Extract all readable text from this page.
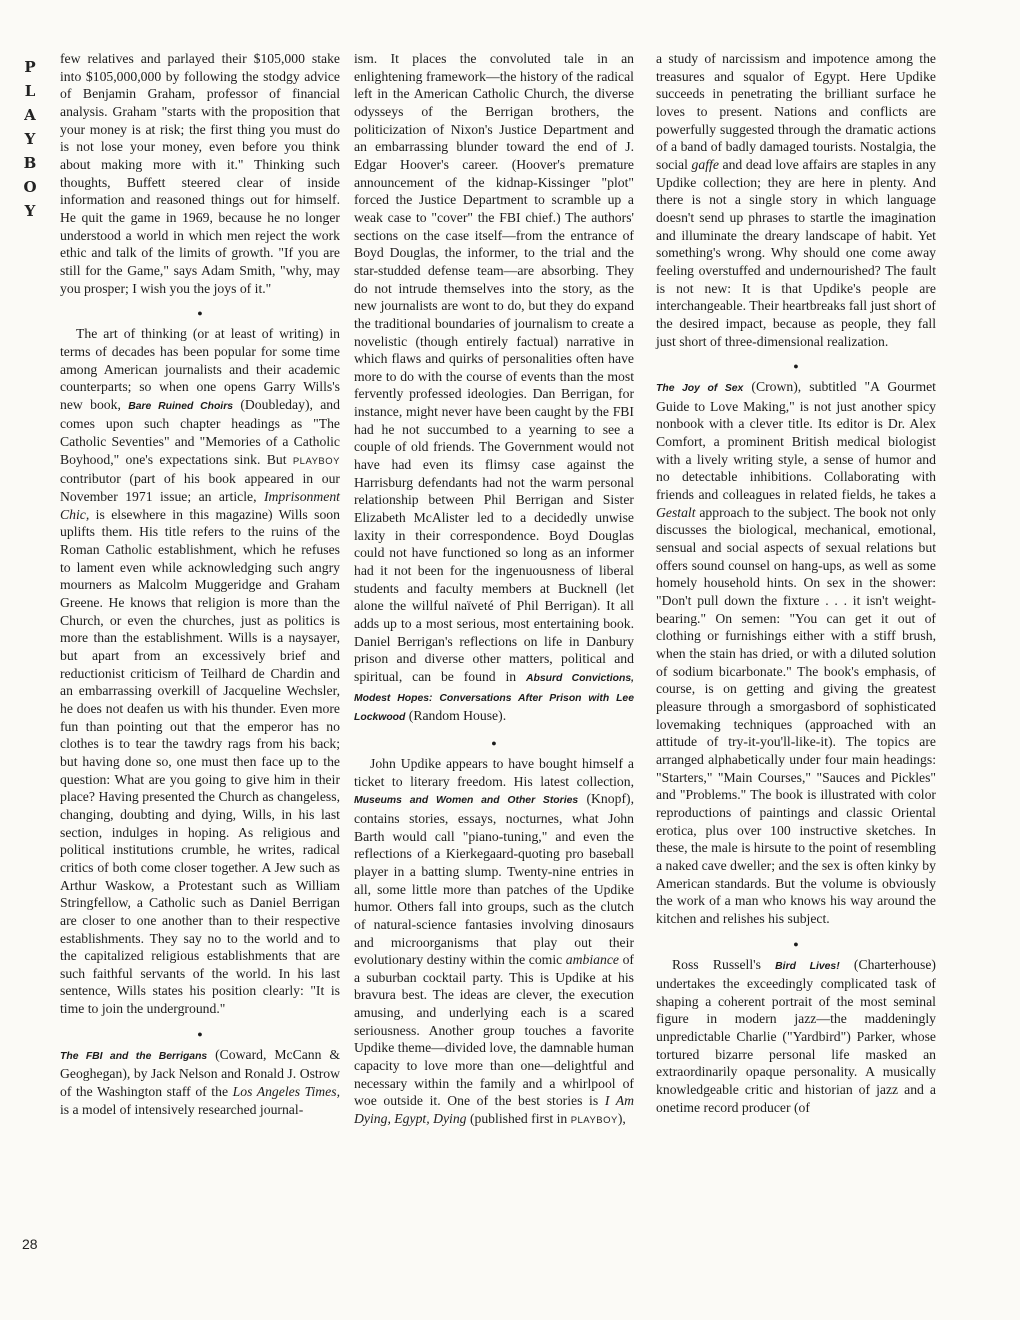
P
L
A
Y
B
O
Y
28

few relatives and parlayed their $105,000 stake into $105,000,000 by following the stodgy advice of Benjamin Graham, professor of financial analysis. Graham "starts with the proposition that your money is at risk; the first thing you must do is not lose your money, even before you think about making more with it." Thinking such thoughts, Buffett steered clear of inside information and reasoned things out for himself. He quit the game in 1969, because he no longer understood a world in which men reject the work ethic and talk of the limits of growth. "If you are still for the Game," says Adam Smith, "why, may you prosper; I wish you the joys of it."

●

The art of thinking (or at least of writing) in terms of decades has been popular for some time among American journalists and their academic counterparts; so when one opens Garry Wills's new book, Bare Ruined Choirs (Doubleday), and comes upon such chapter headings as "The Catholic Seventies" and "Memories of a Catholic Boyhood," one's expectations sink. But PLAYBOY contributor (part of his book appeared in our November 1971 issue; an article, Imprisonment Chic, is elsewhere in this magazine) Wills soon uplifts them. His title refers to the ruins of the Roman Catholic establishment, which he refuses to lament even while acknowledging such angry mourners as Malcolm Muggeridge and Graham Greene. He knows that religion is more than the Church, or even the churches, just as politics is more than the establishment. Wills is a naysayer, but apart from an excessively brief and reductionist criticism of Teilhard de Chardin and an embarrassing overkill of Jacqueline Wechsler, he does not deafen us with his thunder. Even more fun than pointing out that the emperor has no clothes is to tear the tawdry rags from his back; but having done so, one must then face up to the question: What are you going to give him in their place? Having presented the Church as changeless, changing, doubting and dying, Wills, in his last section, indulges in hoping. As religious and political institutions crumble, he writes, radical critics of both come closer together. A Jew such as Arthur Waskow, a Protestant such as William Stringfellow, a Catholic such as Daniel Berrigan are closer to one another than to their respective establishments. They say no to the world and to the capitalized religious establishments that are such faithful servants of the world. In his last sentence, Wills states his position clearly: "It is time to join the underground."

●

The FBI and the Berrigans (Coward, McCann & Geoghegan), by Jack Nelson and Ronald J. Ostrow of the Washington staff of the Los Angeles Times, is a model of intensively researched journal-

ism. It places the convoluted tale in an enlightening framework—the history of the radical left in the American Catholic Church, the diverse odysseys of the Berrigan brothers, the politicization of Nixon's Justice Department and an embarrassing blunder toward the end of J. Edgar Hoover's career. (Hoover's premature announcement of the kidnap-Kissinger "plot" forced the Justice Department to scramble up a weak case to "cover" the FBI chief.) The authors' sections on the case itself—from the entrance of Boyd Douglas, the informer, to the trial and the star-studded defense team—are absorbing. They do not intrude themselves into the story, as the new journalists are wont to do, but they do expand the traditional boundaries of journalism to create a novelistic (though entirely factual) narrative in which flaws and quirks of personalities often have more to do with the course of events than the most fervently professed ideologies. Dan Berrigan, for instance, might never have been caught by the FBI had he not succumbed to a yearning to see a couple of old friends. The Government would not have had even its flimsy case against the Harrisburg defendants had not the warm personal relationship between Phil Berrigan and Sister Elizabeth McAlister led to a decidedly unwise laxity in their correspondence. Boyd Douglas could not have functioned so long as an informer had it not been for the ingenuousness of liberal students and faculty members at Bucknell (let alone the willful naïveté of Phil Berrigan). It all adds up to a most serious, most entertaining book. Daniel Berrigan's reflections on life in Danbury prison and diverse other matters, political and spiritual, can be found in Absurd Convictions, Modest Hopes: Conversations After Prison with Lee Lockwood (Random House).

●

John Updike appears to have bought himself a ticket to literary freedom. His latest collection, Museums and Women and Other Stories (Knopf), contains stories, essays, nocturnes, what John Barth would call "piano-tuning," and even the reflections of a Kierkegaard-quoting pro baseball player in a batting slump. Twenty-nine entries in all, some little more than patches of the Updike humor. Others fall into groups, such as the clutch of natural-science fantasies involving dinosaurs and microorganisms that play out their evolutionary destiny within the comic ambiance of a suburban cocktail party. This is Updike at his bravura best. The ideas are clever, the execution amusing, and underlying each is a scared seriousness. Another group touches a favorite Updike theme—divided love, the damnable human capacity to love more than one—delightful and necessary within the family and a whirlpool of woe outside it. One of the best stories is I Am Dying, Egypt, Dying (published first in PLAYBOY),

a study of narcissism and impotence among the treasures and squalor of Egypt. Here Updike succeeds in penetrating the brilliant surface he loves to present. Nations and conflicts are powerfully suggested through the dramatic actions of a band of badly damaged tourists. Nostalgia, the social gaffe and dead love affairs are staples in any Updike collection; they are here in plenty. And there is not a single story in which language doesn't send up phrases to startle the imagination and illuminate the dreary landscape of habit. Yet something's wrong. Why should one come away feeling overstuffed and undernourished? The fault is not new: It is that Updike's people are interchangeable. Their heartbreaks fall just short of the desired impact, because as people, they fall just short of three-dimensional realization.

●

The Joy of Sex (Crown), subtitled "A Gourmet Guide to Love Making," is not just another spicy nonbook with a clever title. Its editor is Dr. Alex Comfort, a prominent British medical biologist with a lively writing style, a sense of humor and no detectable inhibitions. Collaborating with friends and colleagues in related fields, he takes a Gestalt approach to the subject. The book not only discusses the biological, mechanical, emotional, sensual and social aspects of sexual relations but offers sound counsel on hang-ups, as well as some homely household hints. On sex in the shower: "Don't pull down the fixture . . . it isn't weight-bearing." On semen: "You can get it out of clothing or furnishings either with a stiff brush, when the stain has dried, or with a diluted solution of sodium bicarbonate." The book's emphasis, of course, is on getting and giving the greatest pleasure through a smorgasbord of sophisticated lovemaking techniques (approached with an attitude of try-it-you'll-like-it). The topics are arranged alphabetically under four main headings: "Starters," "Main Courses," "Sauces and Pickles" and "Problems." The book is illustrated with color reproductions of paintings and classic Oriental erotica, plus over 100 instructive sketches. In these, the male is hirsute to the point of resembling a naked cave dweller; and the sex is often kinky by American standards. But the volume is obviously the work of a man who knows his way around the kitchen and relishes his subject.

●

Ross Russell's Bird Lives! (Charterhouse) undertakes the exceedingly complicated task of shaping a coherent portrait of the most seminal figure in modern jazz—the maddeningly unpredictable Charlie ("Yardbird") Parker, whose tortured bizarre personal life masked an extraordinarily opaque personality. A musically knowledgeable critic and historian of jazz and a onetime record producer (of
